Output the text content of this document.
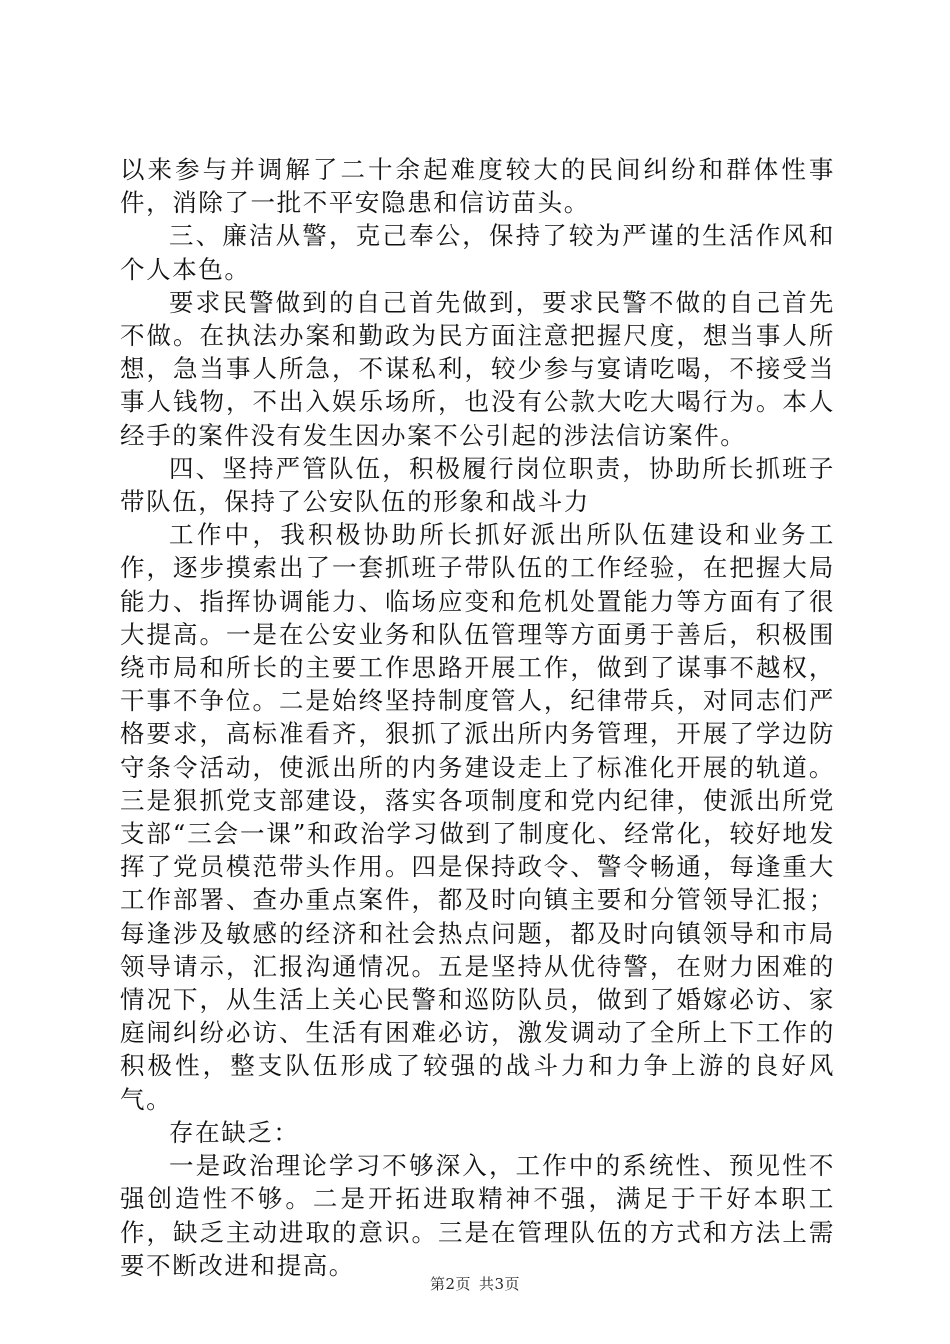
以来参与并调解了二十余起难度较大的民间纠纷和群体性事件，消除了一批不平安隐患和信访苗头。

三、廉洁从警，克己奉公，保持了较为严谨的生活作风和个人本色。

要求民警做到的自己首先做到，要求民警不做的自己首先不做。在执法办案和勤政为民方面注意把握尺度，想当事人所想，急当事人所急，不谋私利，较少参与宴请吃喝，不接受当事人钱物，不出入娱乐场所，也没有公款大吃大喝行为。本人经手的案件没有发生因办案不公引起的涉法信访案件。

四、坚持严管队伍，积极履行岗位职责，协助所长抓班子带队伍，保持了公安队伍的形象和战斗力

工作中，我积极协助所长抓好派出所队伍建设和业务工作，逐步摸索出了一套抓班子带队伍的工作经验，在把握大局能力、指挥协调能力、临场应变和危机处置能力等方面有了很大提高。一是在公安业务和队伍管理等方面勇于善后，积极围绕市局和所长的主要工作思路开展工作，做到了谋事不越权，干事不争位。二是始终坚持制度管人，纪律带兵，对同志们严格要求，高标准看齐，狠抓了派出所内务管理，开展了学边防守条令活动，使派出所的内务建设走上了标准化开展的轨道。三是狠抓党支部建设，落实各项制度和党内纪律，使派出所党支部“三会一课”和政治学习做到了制度化、经常化，较好地发挥了党员模范带头作用。四是保持政令、警令畅通，每逢重大工作部署、查办重点案件，都及时向镇主要和分管领导汇报；每逢涉及敏感的经济和社会热点问题，都及时向镇领导和市局领导请示，汇报沟通情况。五是坚持从优待警，在财力困难的情况下，从生活上关心民警和巡防队员，做到了婚嫁必访、家庭闹纠纷必访、生活有困难必访，激发调动了全所上下工作的积极性，整支队伍形成了较强的战斗力和力争上游的良好风气。

存在缺乏：

一是政治理论学习不够深入，工作中的系统性、预见性不强创造性不够。二是开拓进取精神不强，满足于干好本职工作，缺乏主动进取的意识。三是在管理队伍的方式和方法上需要不断改进和提高。

第2页 共3页
